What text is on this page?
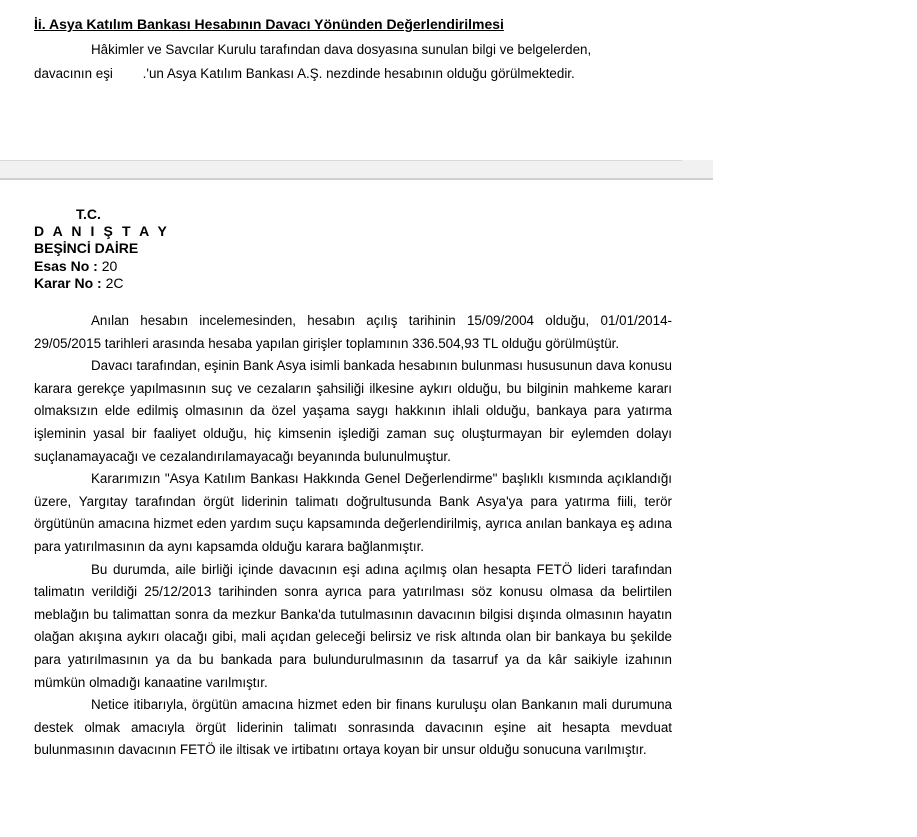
İi. Asya Katılım Bankası Hesabının Davacı Yönünden Değerlendirilmesi
Hâkimler ve Savcılar Kurulu tarafından dava dosyasına sunulan bilgi ve belgelerden,
davacının eşi        .'un Asya Katılım Bankası A.Ş. nezdinde hesabının olduğu görülmektedir.
T.C.
D A N I Ş T A Y
BEŞİNCİ DAİRE
Esas No : 20
Karar No : 2C

Anılan hesabın incelemesinden, hesabın açılış tarihinin 15/09/2004 olduğu, 01/01/2014-29/05/2015 tarihleri arasında hesaba yapılan girişler toplamının 336.504,93 TL olduğu görülmüştür.

Davacı tarafından, eşinin Bank Asya isimli bankada hesabının bulunması hususunun dava konusu karara gerekçe yapılmasının suç ve cezaların şahsiliği ilkesine aykırı olduğu, bu bilginin mahkeme kararı olmaksızın elde edilmiş olmasının da özel yaşama saygı hakkının ihlali olduğu, bankaya para yatırma işleminin yasal bir faaliyet olduğu, hiç kimsenin işlediği zaman suç oluşturmayan bir eylemden dolayı suçlanamayacağı ve cezalandırılamayacağı beyanında bulunulmuştur.

Kararımızın "Asya Katılım Bankası Hakkında Genel Değerlendirme" başlıklı kısmında açıklandığı üzere, Yargıtay tarafından örgüt liderinin talimatı doğrultusunda Bank Asya'ya para yatırma fiili, terör örgütünün amacına hizmet eden yardım suçu kapsamında değerlendirilmiş, ayrıca anılan bankaya eş adına para yatırılmasının da aynı kapsamda olduğu karara bağlanmıştır.

Bu durumda, aile birliği içinde davacının eşi adına açılmış olan hesapta FETÖ lideri tarafından talimatın verildiği 25/12/2013 tarihinden sonra ayrıca para yatırılması söz konusu olmasa da belirtilen meblağın bu talimattan sonra da mezkur Banka'da tutulmasının davacının bilgisi dışında olmasının hayatın olağan akışına aykırı olacağı gibi, mali açıdan geleceği belirsiz ve risk altında olan bir bankaya bu şekilde para yatırılmasının ya da bu bankada para bulundurulmasının da tasarruf ya da kâr saikiyle izahının mümkün olmadığı kanaatine varılmıştır.

Netice itibarıyla, örgütün amacına hizmet eden bir finans kuruluşu olan Bankanın mali durumuna destek olmak amacıyla örgüt liderinin talimatı sonrasında davacının eşine ait hesapta mevduat bulunmasının davacının FETÖ ile iltisak ve irtibatını ortaya koyan bir unsur olduğu sonucuna varılmıştır.
